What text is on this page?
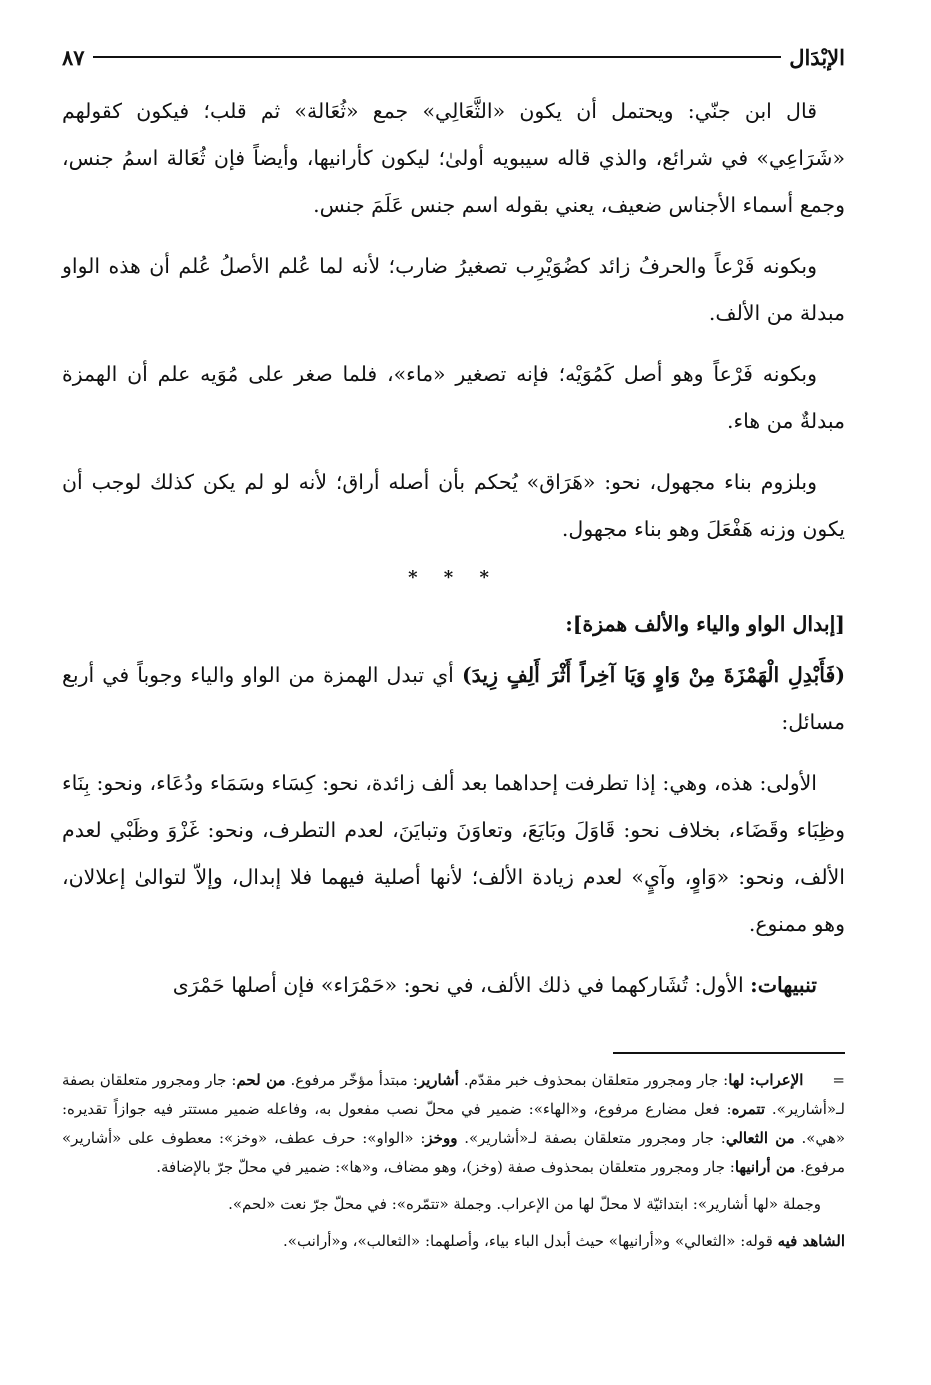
الإبْدَال
٨٧

قال ابن جنّي: ويحتمل أن يكون «الثَّعَالِي» جمع «ثُعَالة» ثم قلب؛ فيكون كقولهم «شَرَاعِي» في شرائع، والذي قاله سيبويه أولىٰ؛ ليكون كأرانيها، وأيضاً فإن ثُعَالة اسمُ جنس، وجمع أسماء الأجناس ضعيف، يعني بقوله اسم جنس عَلَمَ جنس.

وبكونه فَرْعاً والحرفُ زائد كضُوَيْرِب تصغيرُ ضارب؛ لأنه لما عُلم الأصلُ عُلم أن هذه الواو مبدلة من الألف.

وبكونه فَرْعاً وهو أصل كَمُوَيْه؛ فإنه تصغير «ماء»، فلما صغر على مُوَيه علم أن الهمزة مبدلةٌ من هاء.

وبلزوم بناء مجهول، نحو: «هَرَاق» يُحكم بأن أصله أراق؛ لأنه لو لم يكن كذلك لوجب أن يكون وزنه هَفْعَلَ وهو بناء مجهول.

* * *
[إبدال الواو والياء والألف همزة]:

(فَأَبْدِلِ الْهَمْزَةَ مِنْ وَاوٍ وَيَا آخِراً أَثْرَ أَلِفٍ زِيدَ) أي تبدل الهمزة من الواو والياء وجوباً في أربع مسائل:

الأولى: هذه، وهي: إذا تطرفت إحداهما بعد ألف زائدة، نحو: كِسَاء وسَمَاء ودُعَاء، ونحو: بِنَاء وظِبَاء وقَضَاء، بخلاف نحو: قَاوَلَ وبَايَعَ، وتعاوَنَ وتبايَنَ، لعدم التطرف، ونحو: غَزْوَ وظَبْي لعدم الألف، ونحو: «وَاوٍ، وآيٍ» لعدم زيادة الألف؛ لأنها أصلية فيهما فلا إبدال، وإلاّ لتوالىٰ إعلالان، وهو ممنوع.

تنبيهات: الأول: تُشَاركهما في ذلك الألف، في نحو: «حَمْرَاء» فإن أصلها حَمْرَى

= الإعراب: لها: جار ومجرور متعلقان بمحذوف خبر مقدّم. أشارير: مبتدأ مؤخّر مرفوع. من لحم: جار ومجرور متعلقان بصفة لـ«أشارير». تتمره: فعل مضارع مرفوع، و«الهاء»: ضمير في محلّ نصب مفعول به، وفاعله ضمير مستتر فيه جوازاً تقديره: «هي». من الثعالي: جار ومجرور متعلقان بصفة لـ«أشارير». ووخز: «الواو»: حرف عطف، «وخز»: معطوف على «أشارير» مرفوع. من أرانيها: جار ومجرور متعلقان بمحذوف صفة (وخز)، وهو مضاف، و«ها»: ضمير في محلّ جرّ بالإضافة.

وجملة «لها أشارير»: ابتدائيّة لا محلّ لها من الإعراب. وجملة «تتمّره»: في محلّ جرّ نعت «لحم».

الشاهد فيه قوله: «الثعالي» و«أرانيها» حيث أبدل الباء بياء، وأصلهما: «الثعالب»، و«أرانب».
